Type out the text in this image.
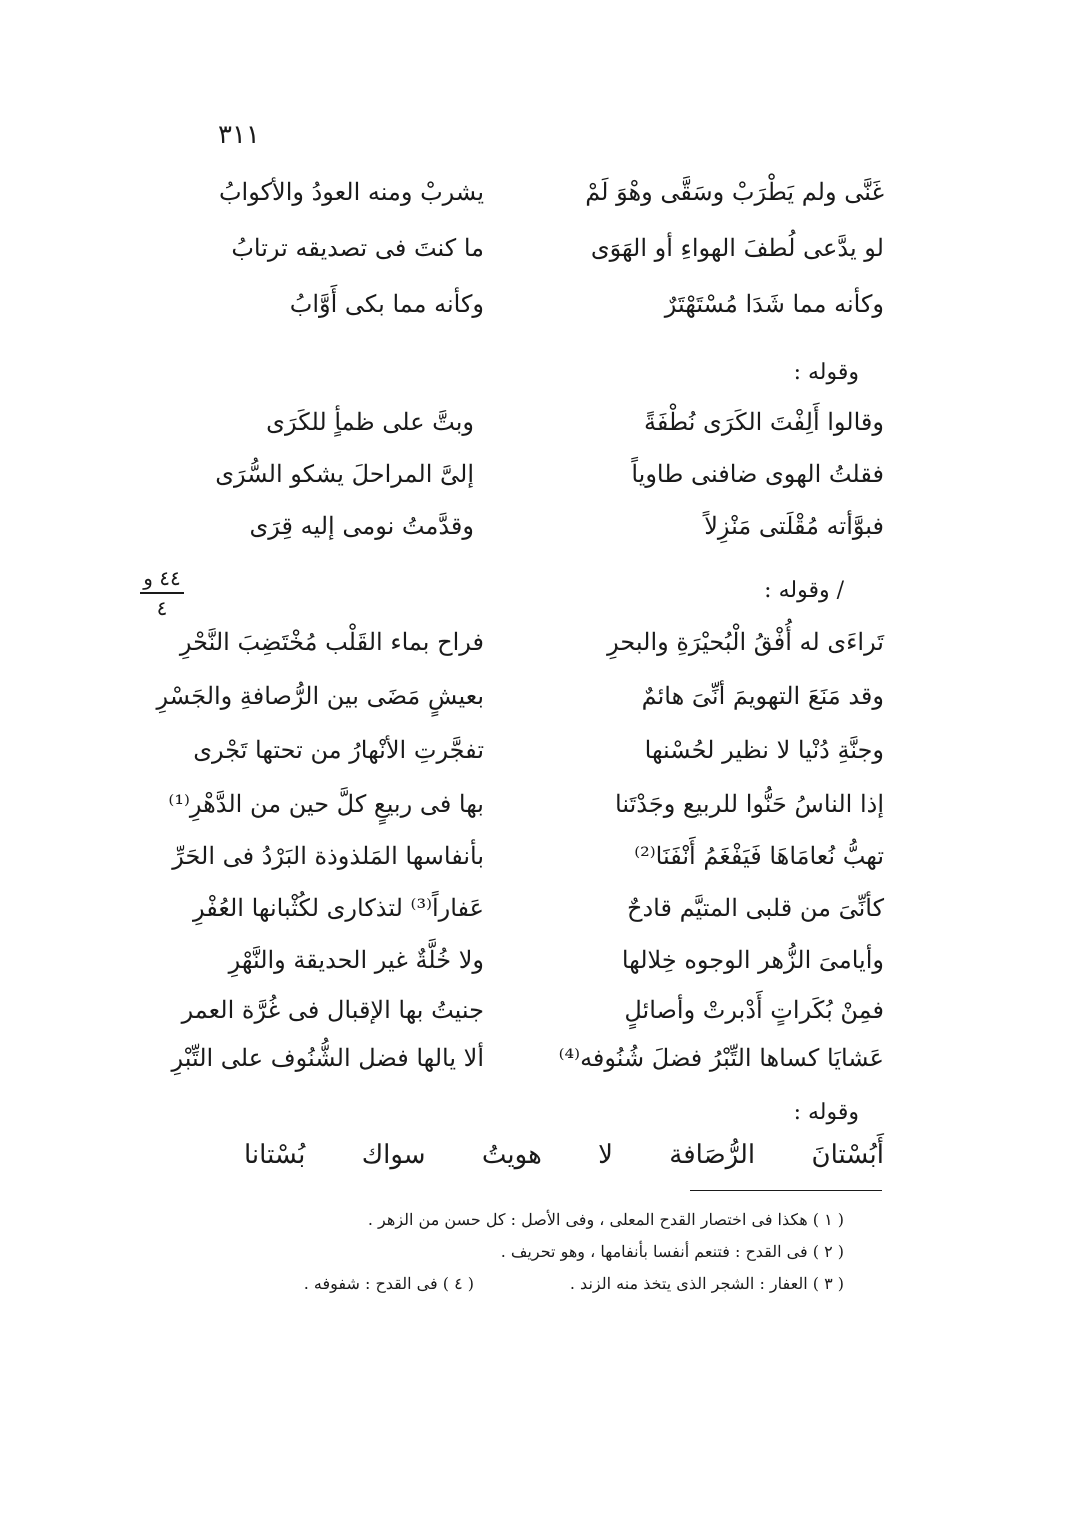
٣١١
غَنَّى ولم يَطْرَبْ وسَقَّى وهْوَ لَمْ
يشربْ ومنه العودُ والأكوابُ
لو يدَّعى لُطفَ الهواءِ أو الهَوَى
ما كنتَ فى تصديقه ترتابُ
وكأنه مما شَدَا مُسْتَهْتَرٌ
وكأنه مما بكى أَوَّابُ
وقوله :
وقالوا أَلِفْتَ الكَرَى نُطْفَةً
وبتَّ على ظمأٍ للكَرَى
فقلتُ الهوى ضافنى طاوياً
إلىَّ المراحلَ يشكو السُّرَى
فبوَّأته مُقْلَتى مَنْزِلاً
وقدَّمتُ نومى إليه قِرَى
٤٤ و
٤
/ وقوله :
تَراءَى له أُفْقُ الْبُحيْرَةِ والبحرِ
فراح بماء القَلْب مُخْتَضِبَ النَّحْرِ
وقد مَنَعَ التهويمَ أنِّىَ هائمٌ
بعيشٍ مَضَى بين الرُّصافةِ والجَسْرِ
وجنَّةِ دُنْيا لا نظير لحُسْنها
تفجَّرتِ الأنْهارُ من تحتها تَجْرى
إذا الناسُ حَنُّوا للربيع وجَدْتَنا
بها فى ربيعٍ كلَّ حين من الدَّهْرِ⁽¹⁾
تهبُّ نُعامَاهَا فَيَفْغَمُ أَنْفَنَا⁽²⁾
بأنفاسها المَلذوذة البَرْدُ فى الحَرِّ
كأنِّىَ من قلبى المتيَّم قادحٌ
عَفاراً⁽³⁾ لتذكارى لكُثْبانها العُفْرِ
وأيامىَ الزُّهر الوجوه خِلالها
ولا خُلَّةٌ غير الحديقة والنَّهْرِ
فمِنْ بُكَراتٍ أَدْبرتْ وأصائلٍ
جنيتُ بها الإقبال فى غُرَّة العمر
عَشايَا كساها التِّبْرُ فضلَ شُنُوفه⁽⁴⁾
ألا يالها فضل الشُّنُوف على التِّبْرِ
وقوله :
أَبُسْتانَ
الرُّصَافة
لا
هويتُ
سواك
بُسْتانا
( ١ ) هكذا فى اختصار القدح المعلى ، وفى الأصل : كل حسن من الزهر .
( ٢ ) فى القدح : فتنعم أنفسا بأنفامها ، وهو تحريف .
( ٣ ) العفار : الشجر الذى يتخذ منه الزند .
( ٤ ) فى القدح : شفوفه .
